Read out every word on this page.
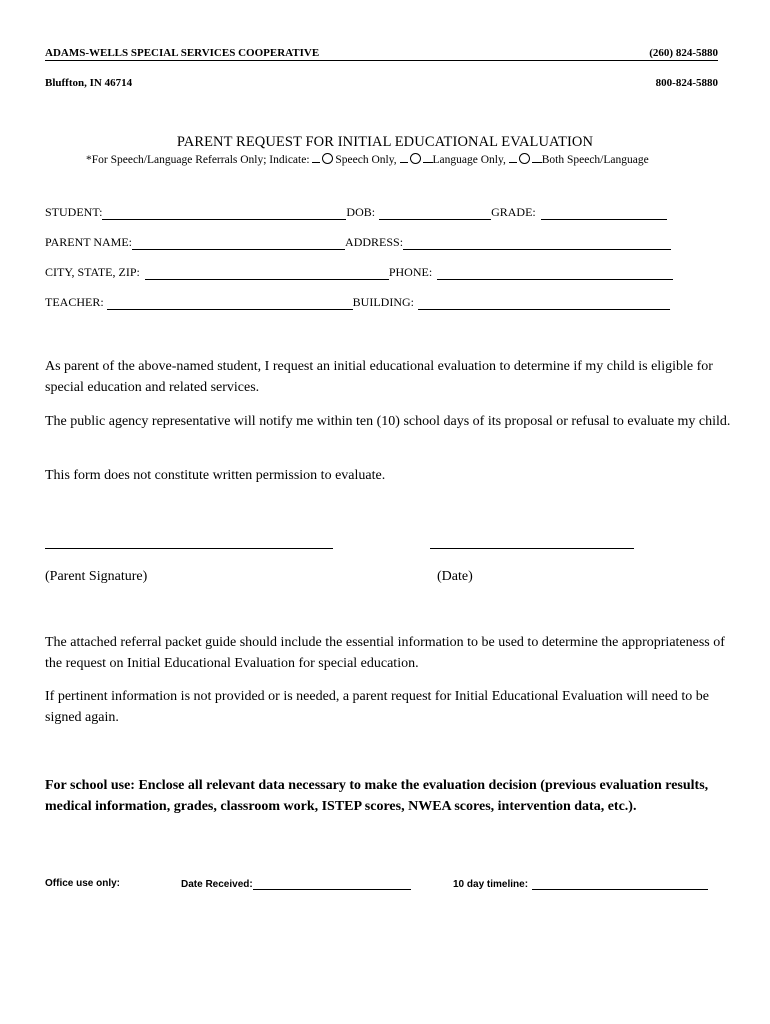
ADAMS-WELLS SPECIAL SERVICES COOPERATIVE	(260) 824-5880
Bluffton, IN 46714	800-824-5880
PARENT REQUEST FOR INITIAL EDUCATIONAL EVALUATION
*For Speech/Language Referrals Only; Indicate: Speech Only,	Language Only,	Both Speech/Language
STUDENT:	DOB:	GRADE:
PARENT NAME:	ADDRESS:
CITY, STATE, ZIP:	PHONE:
TEACHER:	BUILDING:
As parent of the above-named student, I request an initial educational evaluation to determine if my child is eligible for special education and related services.
The public agency representative will notify me within ten (10) school days of its proposal or refusal to evaluate my child.
This form does not constitute written permission to evaluate.
(Parent Signature)	(Date)
The attached referral packet guide should include the essential information to be used to determine the appropriateness of the request on Initial Educational Evaluation for special education.
If pertinent information is not provided or is needed, a parent request for Initial Educational Evaluation will need to be signed again.
For school use: Enclose all relevant data necessary to make the evaluation decision (previous evaluation results, medical information, grades, classroom work, ISTEP scores, NWEA scores, intervention data, etc.).
Office use only:	Date Received:	10 day timeline:
